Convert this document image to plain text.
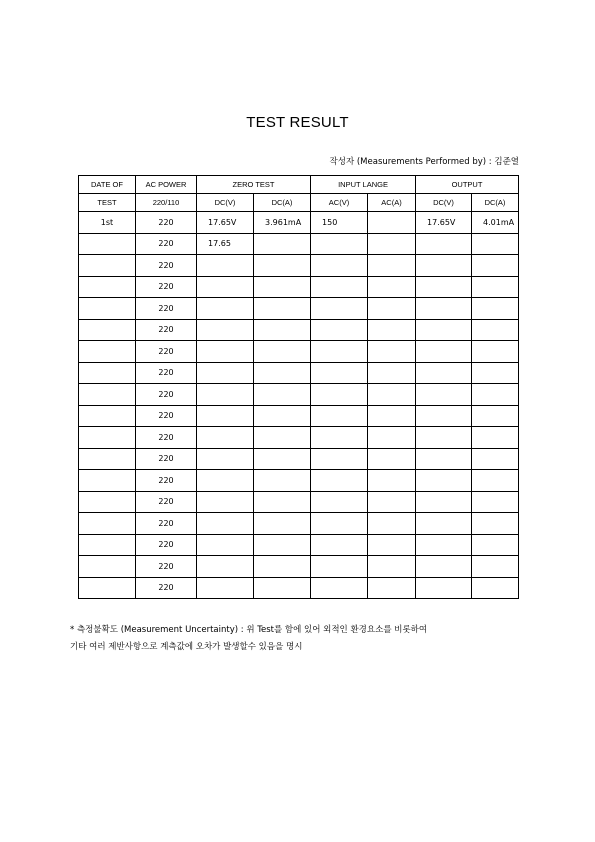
TEST RESULT
작성자 (Measurements Performed by) : 김준열
DATE OF	AC POWER	ZERO TEST		INPUT LANGE		OUTPUT	
TEST	220/110	DC(V)	DC(A)	AC(V)	AC(A)	DC(V)	DC(A)
1st	220	17.65V	3.961mA	150		17.65V	4.01mA
	220	17.65					
	220						
	220						
	220						
	220						
	220						
	220						
	220						
	220						
	220						
	220						
	220						
	220						
	220						
	220						
	220						
	220						
* 측정불확도 (Measurement Uncertainty) : 위 Test를 함에 있어 외적인 환경요소를 비롯하여
기타 여러 제반사항으로 계측값에 오차가 발생할수 있음을 명시
